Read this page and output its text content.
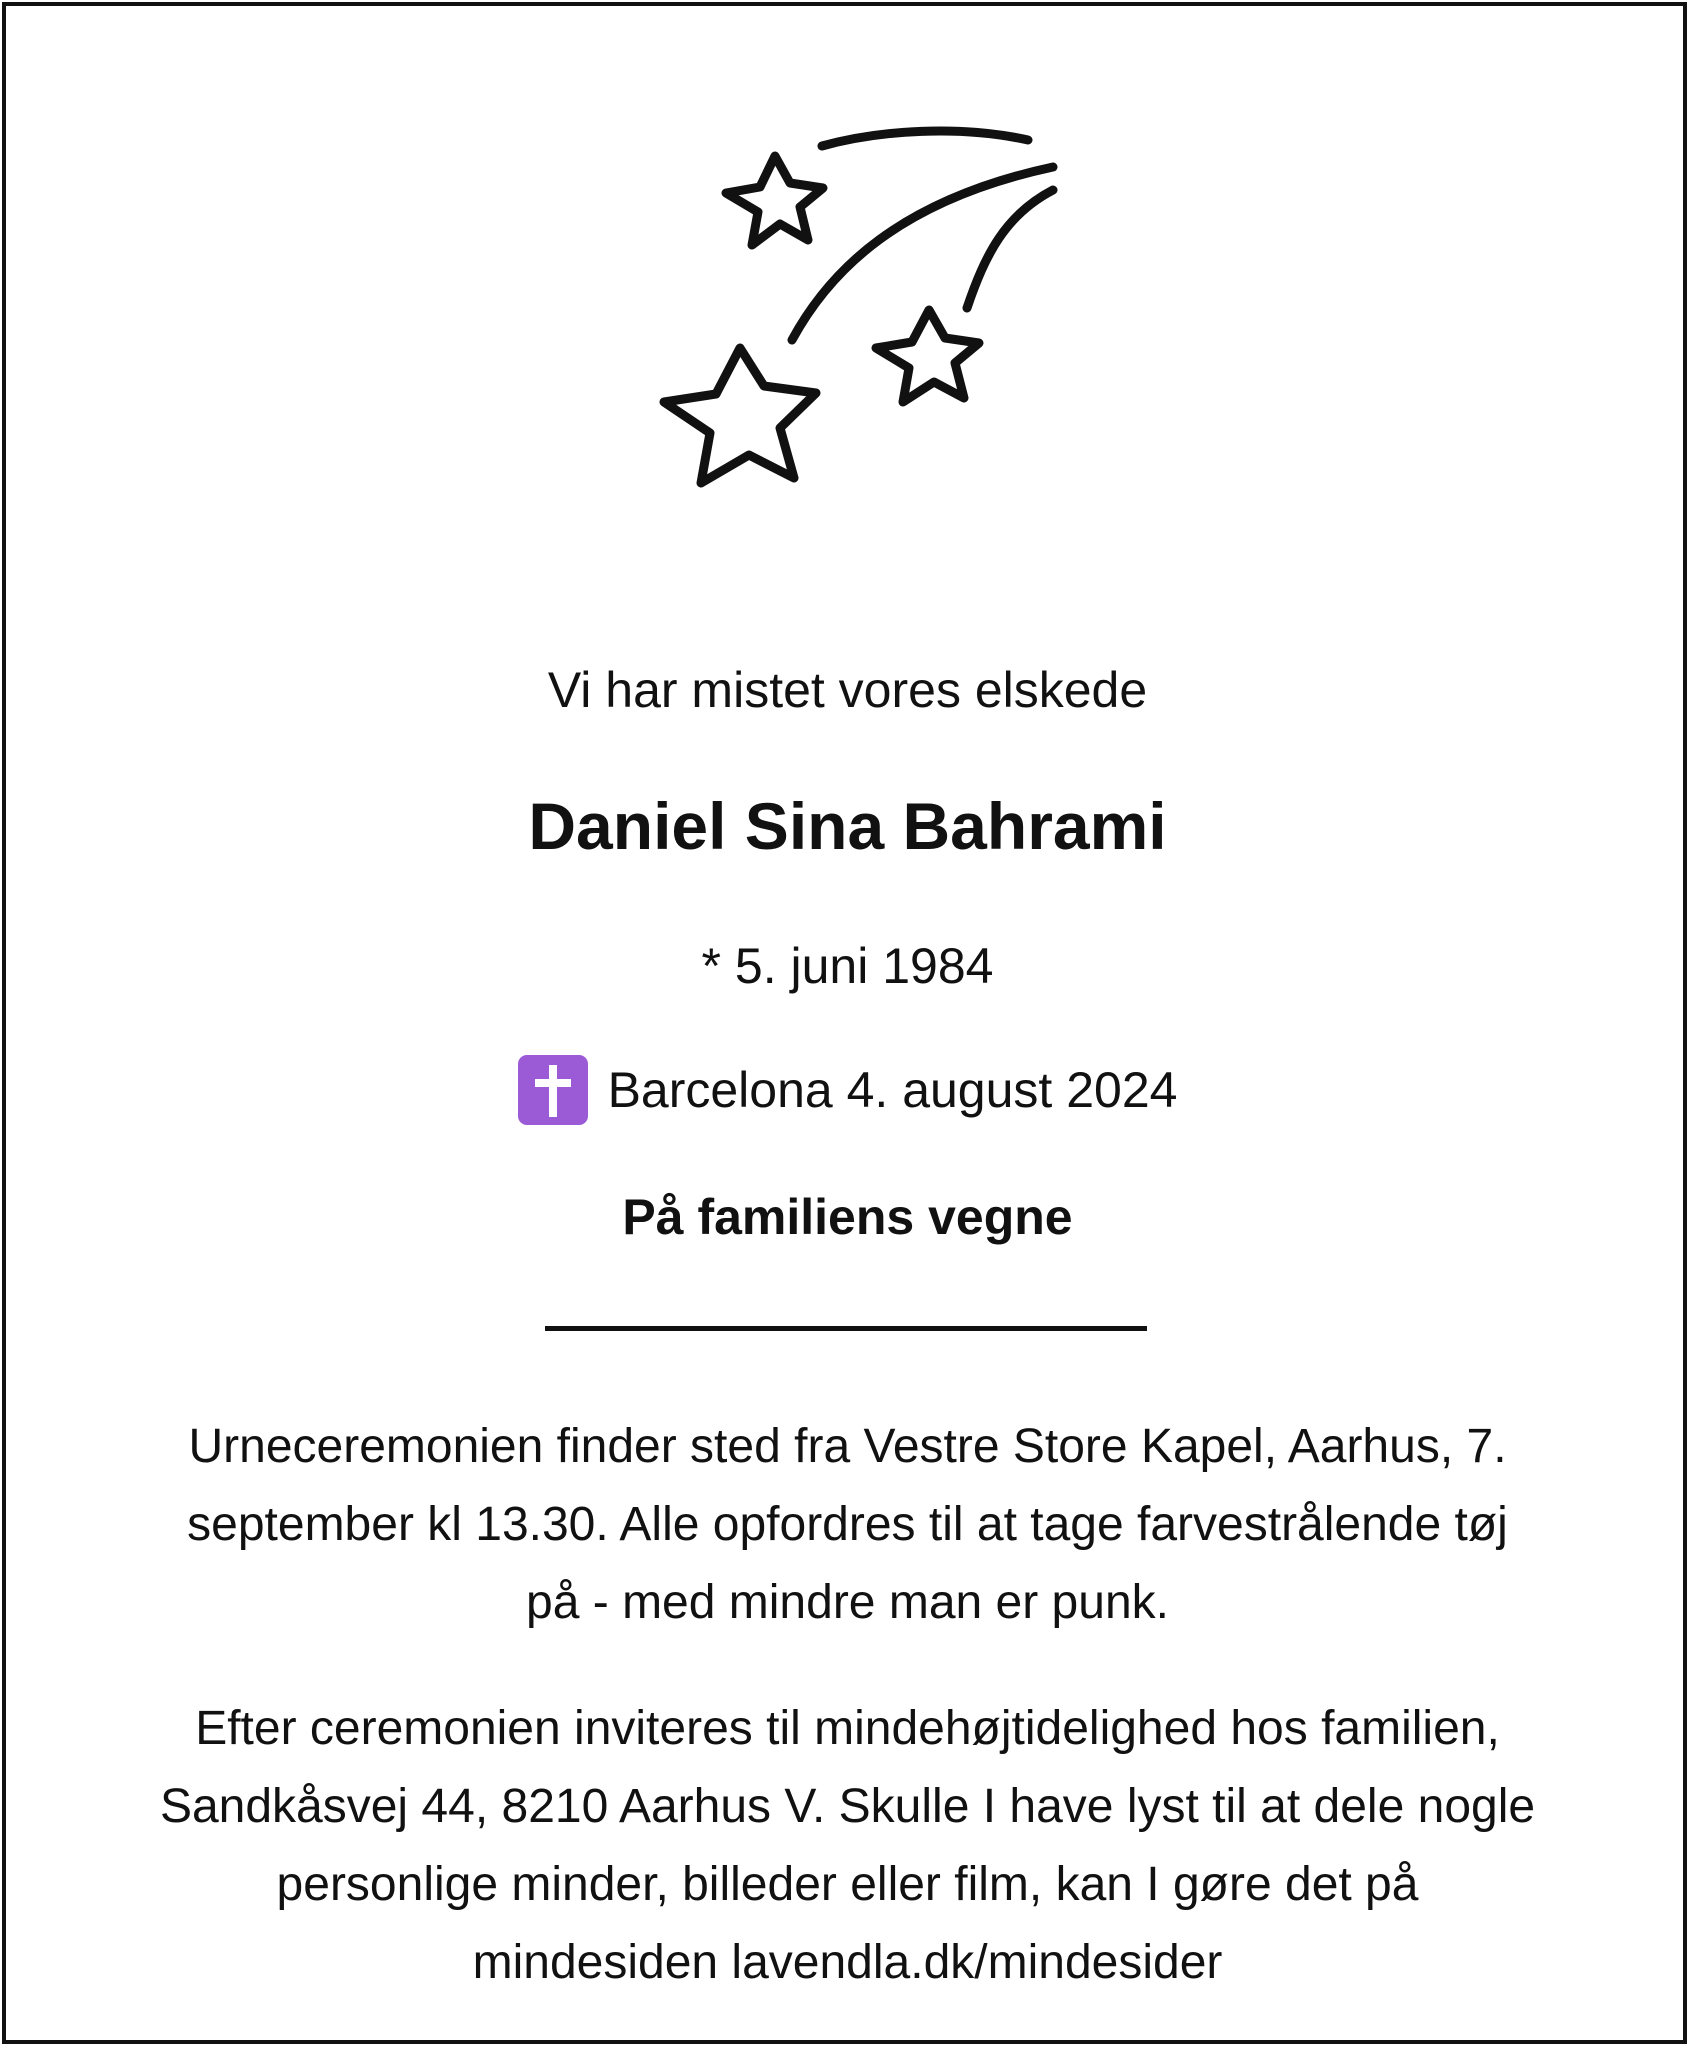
Vi har mistet vores elskede
Daniel Sina Bahrami
* 5. juni 1984
Barcelona 4. august 2024
På familiens vegne
Urneceremonien finder sted fra Vestre Store Kapel, Aarhus, 7.
september kl 13.30. Alle opfordres til at tage farvestrålende tøj
på - med mindre man er punk.
Efter ceremonien inviteres til mindehøjtidelighed hos familien,
Sandkåsvej 44, 8210 Aarhus V. Skulle I have lyst til at dele nogle
personlige minder, billeder eller film, kan I gøre det på
mindesiden lavendla.dk/mindesider
